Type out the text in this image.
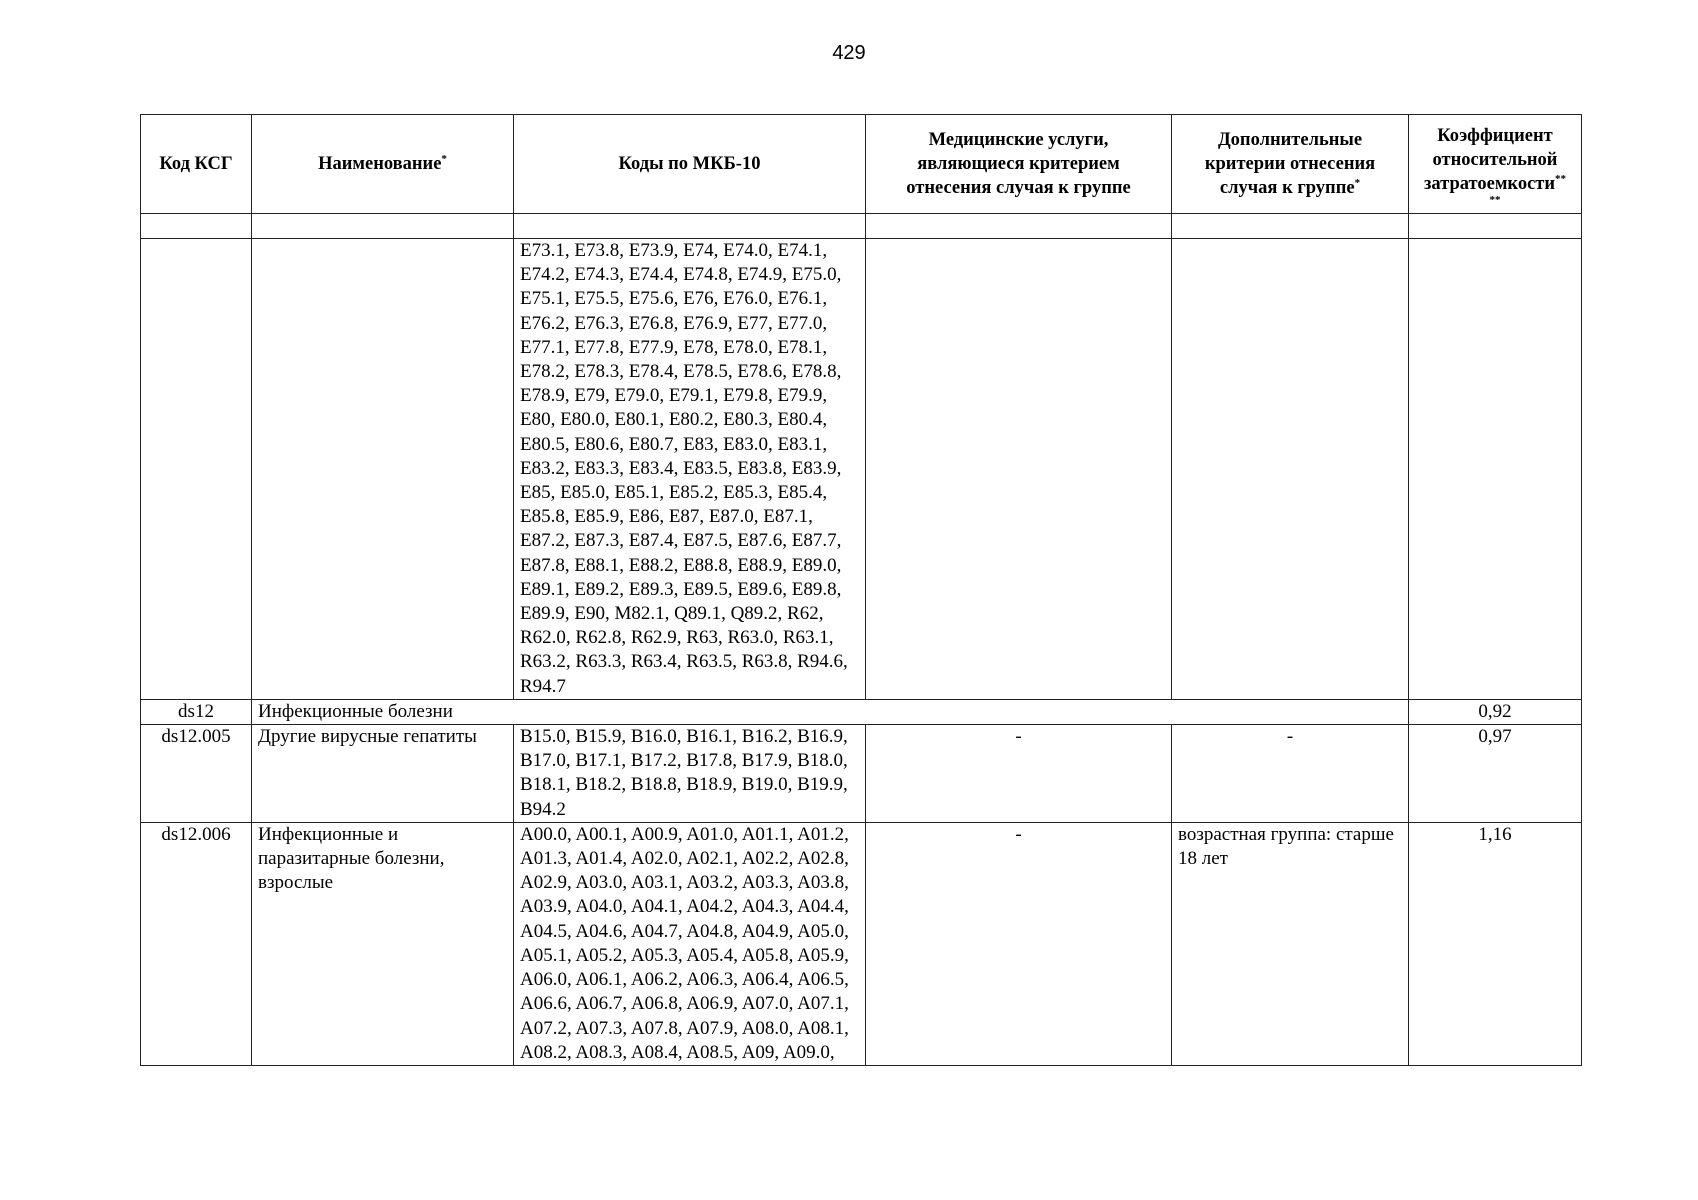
429
Код КСГ	Наименование*	Коды по МКБ-10	Медицинские услуги, являющиеся критерием отнесения случая к группе	Дополнительные критерии отнесения случая к группе*	Коэффициент относительной затратоемкости**
**

		E73.1, E73.8, E73.9, E74, E74.0, E74.1, E74.2, E74.3, E74.4, E74.8, E74.9, E75.0, E75.1, E75.5, E75.6, E76, E76.0, E76.1, E76.2, E76.3, E76.8, E76.9, E77, E77.0, E77.1, E77.8, E77.9, E78, E78.0, E78.1, E78.2, E78.3, E78.4, E78.5, E78.6, E78.8, E78.9, E79, E79.0, E79.1, E79.8, E79.9, E80, E80.0, E80.1, E80.2, E80.3, E80.4, E80.5, E80.6, E80.7, E83, E83.0, E83.1, E83.2, E83.3, E83.4, E83.5, E83.8, E83.9, E85, E85.0, E85.1, E85.2, E85.3, E85.4, E85.8, E85.9, E86, E87, E87.0, E87.1, E87.2, E87.3, E87.4, E87.5, E87.6, E87.7, E87.8, E88.1, E88.2, E88.8, E88.9, E89.0, E89.1, E89.2, E89.3, E89.5, E89.6, E89.8, E89.9, E90, M82.1, Q89.1, Q89.2, R62, R62.0, R62.8, R62.9, R63, R63.0, R63.1, R63.2, R63.3, R63.4, R63.5, R63.8, R94.6, R94.7			
ds12	Инфекционные болезни				0,92
ds12.005	Другие вирусные гепатиты	B15.0, B15.9, B16.0, B16.1, B16.2, B16.9, B17.0, B17.1, B17.2, B17.8, B17.9, B18.0, B18.1, B18.2, B18.8, B18.9, B19.0, B19.9, B94.2	-	-	0,97
ds12.006	Инфекционные и паразитарные болезни, взрослые	A00.0, A00.1, A00.9, A01.0, A01.1, A01.2, A01.3, A01.4, A02.0, A02.1, A02.2, A02.8, A02.9, A03.0, A03.1, A03.2, A03.3, A03.8, A03.9, A04.0, A04.1, A04.2, A04.3, A04.4, A04.5, A04.6, A04.7, A04.8, A04.9, A05.0, A05.1, A05.2, A05.3, A05.4, A05.8, A05.9, A06.0, A06.1, A06.2, A06.3, A06.4, A06.5, A06.6, A06.7, A06.8, A06.9, A07.0, A07.1, A07.2, A07.3, A07.8, A07.9, A08.0, A08.1, A08.2, A08.3, A08.4, A08.5, A09, A09.0,	-	возрастная группа: старше 18 лет	1,16
